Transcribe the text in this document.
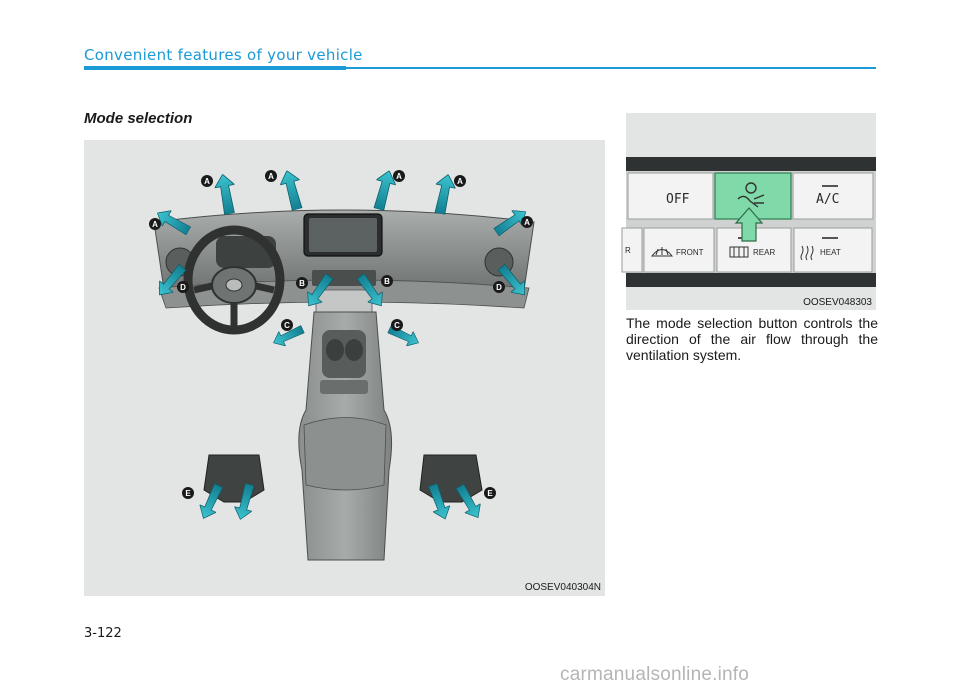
Convenient features of your vehicle
Mode selection
A
A	A
A
A	A
D	D
B	B
C	C
E	E
OOSEV040304N
OFF	A/C
R	FRONT	REAR	HEAT
OOSEV048303

The mode selection button controls the direction of the air flow through the ventilation system.

3-122
carmanualsonline.info
